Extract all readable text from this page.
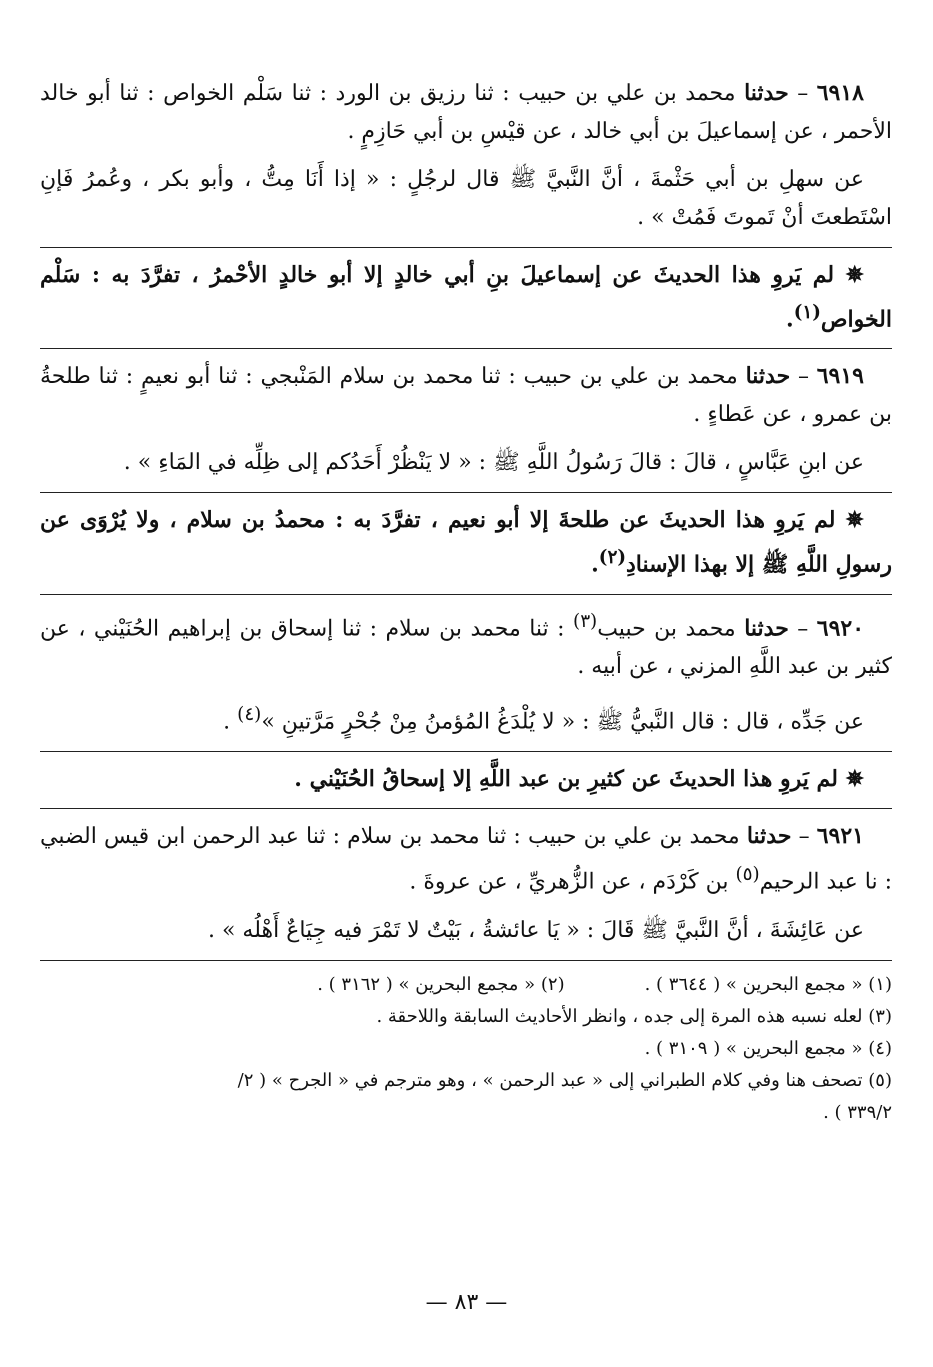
٦٩١٨ – حدثنا محمد بن علي بن حبيب : ثنا رزيق بن الورد : ثنا سَلْم الخواص : ثنا أبو خالد الأحمر ، عن إسماعيلَ بن أبي خالد ، عن قيْسِ بن أبي حَازِمٍ .

عن سهلِ بن أبي حَثْمةَ ، أنَّ النَّبيَّ ﷺ قال لرجُلٍ : « إذا أَنَا مِتُّ ، وأبو بكر ، وعُمرُ فَإنِ اسْتَطعتَ أنْ تَموتَ فَمُتْ » .

✵ لم يَروِ هذا الحديثَ عن إسماعيلَ بنِ أبي خالدٍ إلا أبو خالدٍ الأحْمرُ ، تفرَّدَ به : سَلْم الخواص$^{(١)}$.

٦٩١٩ – حدثنا محمد بن علي بن حبيب : ثنا محمد بن سلام المَنْبجي : ثنا أبو نعيمٍ : ثنا طلحةُ بن عمرو ، عن عَطاءٍ .

عن ابنِ عَبَّاسٍ ، قالَ : قالَ رَسُولُ اللَّهِ ﷺ : « لا يَنْظُرْ أَحَدُكم إلى ظِلِّه في المَاءِ » .

✵ لم يَروِ هذا الحديثَ عن طلحةَ إلا أبو نعيم ، تفرَّدَ به : محمدُ بن سلام ، ولا يُرْوَى عن رسولِ اللَّهِ ﷺ إلا بهذا الإسنادِ$^{(٢)}$.

٦٩٢٠ – حدثنا محمد بن حبيب$^{(٣)}$ : ثنا محمد بن سلام : ثنا إسحاق بن إبراهيم الحُنَيْني ، عن كثير بن عبد اللَّهِ المزني ، عن أبيه .

عن جَدِّه ، قال : قال النَّبيُّ ﷺ : « لا يُلْدَغُ المُؤمنُ مِنْ جُحْرٍ مَرَّتينِ »$^{(٤)}$ .

✵ لم يَروِ هذا الحديثَ عن كثيرِ بن عبد اللَّهِ إلا إسحاقُ الحُنَيْني .

٦٩٢١ – حدثنا محمد بن علي بن حبيب : ثنا محمد بن سلام : ثنا عبد الرحمن ابن قيس الضبي : نا عبد الرحيم$^{(٥)}$ بن كَرْدَم ، عن الزُّهريِّ ، عن عروةَ .

عن عَائِشَةَ ، أنَّ النَّبيَّ ﷺ قَالَ : « يَا عائشةُ ، بَيْتٌ لا تَمْرَ فيه جِيَاعٌ أَهْلُه » .

(١) « مجمع البحرين » ( ٣٦٤٤ ) .
(٢) « مجمع البحرين » ( ٣١٦٢ ) .
(٣) لعله نسبه هذه المرة إلى جده ، وانظر الأحاديث السابقة واللاحقة .
(٤) « مجمع البحرين » ( ٣١٠٩ ) .
(٥) تصحف هنا وفي كلام الطبراني إلى « عبد الرحمن » ، وهو مترجم في « الجرح » ( ٢/
٣٣٩/٢ ) .
— ٨٣ —
